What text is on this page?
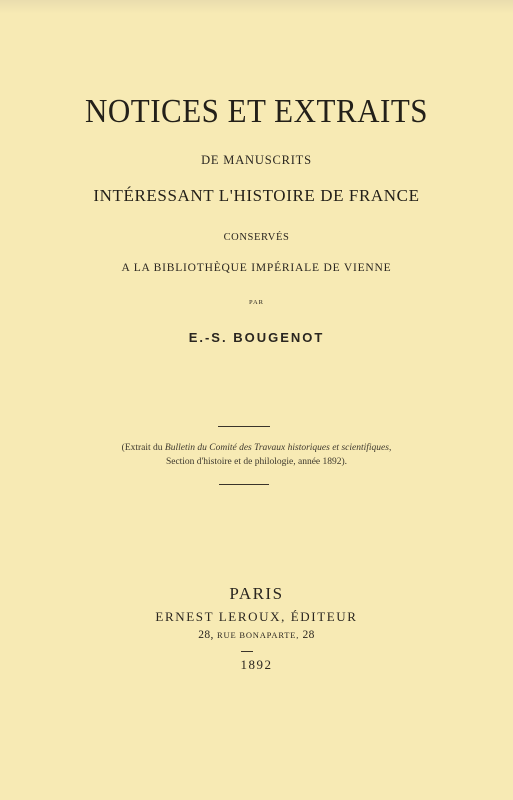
NOTICES ET EXTRAITS
DE MANUSCRITS
INTÉRESSANT L'HISTOIRE DE FRANCE
CONSERVÉS
A LA BIBLIOTHÈQUE IMPÉRIALE DE VIENNE
PAR
E.-S. BOUGENOT
(Extrait du Bulletin du Comité des Travaux historiques et scientifiques,
Section d'histoire et de philologie, année 1892).
PARIS
ERNEST LEROUX, ÉDITEUR
28, RUE BONAPARTE, 28
1892
